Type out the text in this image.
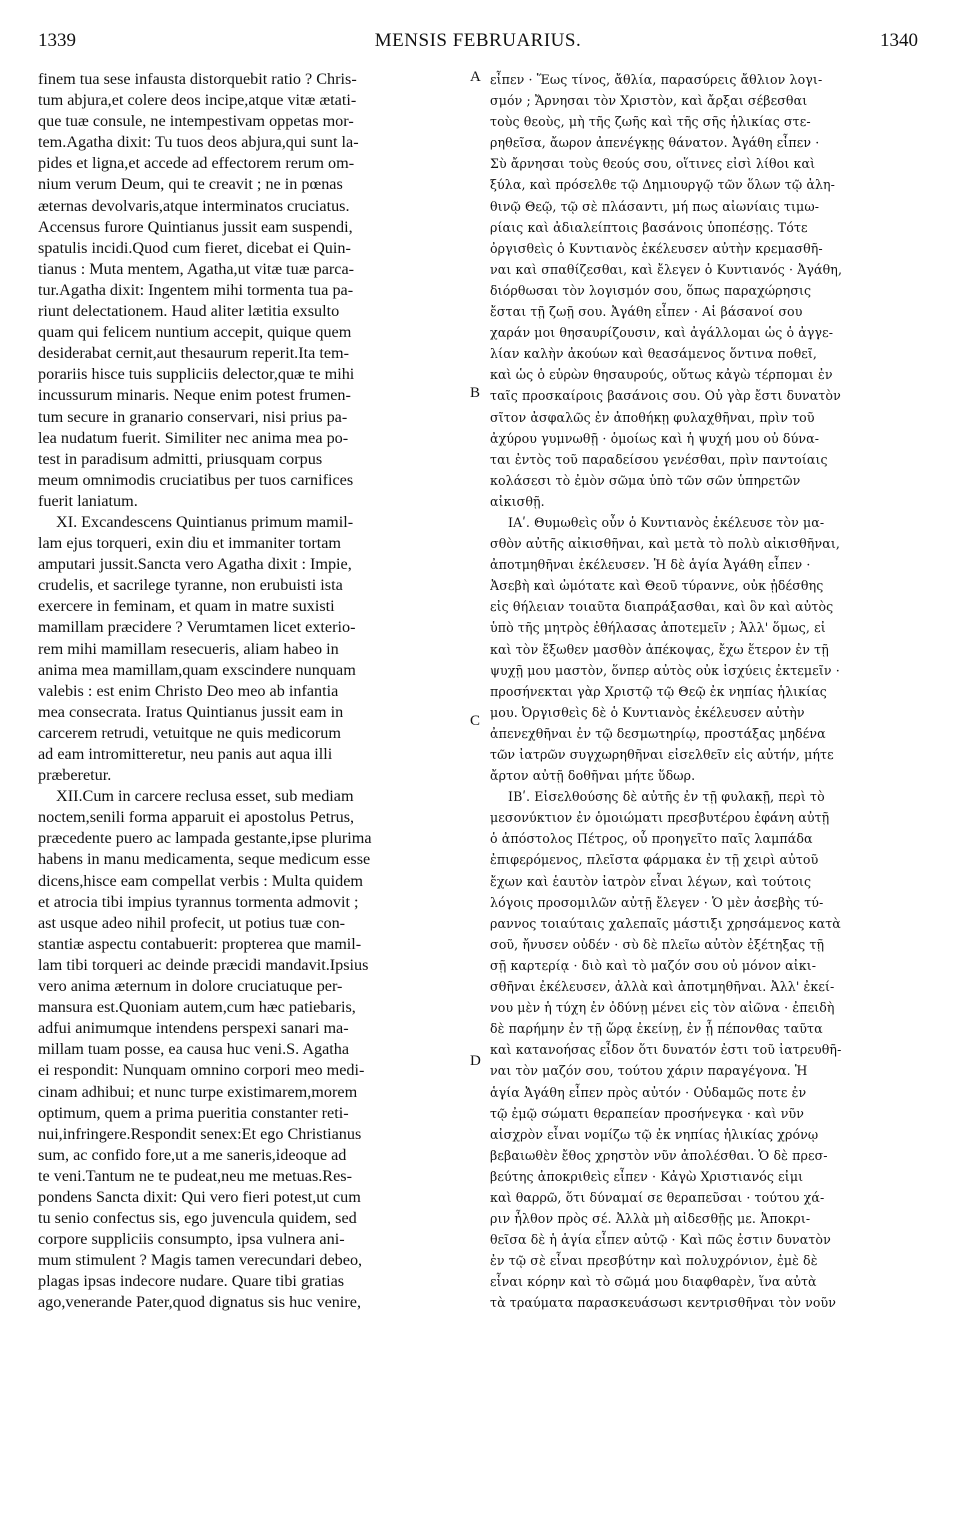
1339	MENSIS FEBRUARIUS.	1340
finem tua sese infausta distorquebit ratio ? Chris-
tum abjura,et colere deos incipe,atque vitæ ætati-
que tuæ consule, ne intempestivam oppetas mor-
tem.Agatha dixit: Tu tuos deos abjura,qui sunt la-
pides et ligna,et accede ad effectorem rerum om-
nium verum Deum, qui te creavit ; ne in pœnas
æternas devolvaris,atque interminatos cruciatus.
Accensus furore Quintianus jussit eam suspendi,
spatulis incidi.Quod cum fieret, dicebat ei Quin-
tianus : Muta mentem, Agatha,ut vitæ tuæ parca-
tur.Agatha dixit: Ingentem mihi tormenta tua pa-
riunt delectationem. Haud aliter lætitia exsulto
quam qui felicem nuntium accepit, quique quem
desiderabat cernit,aut thesaurum reperit.Ita tem-
porariis hisce tuis suppliciis delector,quæ te mihi
incussurum minaris. Neque enim potest frumen-
tum secure in granario conservari, nisi prius pa-
lea nudatum fuerit. Similiter nec anima mea po-
test in paradisum admitti, priusquam corpus
meum omnimodis cruciatibus per tuos carnifices
fuerit laniatum.
XI. Excandescens Quintianus primum mamil-
lam ejus torqueri, exin diu et immaniter tortam
amputari jussit.Sancta vero Agatha dixit : Impie,
crudelis, et sacrilege tyranne, non erubuisti ista
exercere in feminam, et quam in matre suxisti
mamillam præcidere ? Verumtamen licet exterio-
rem mihi mamillam resecueris, aliam habeo in
anima mea mamillam,quam exscindere nunquam
valebis : est enim Christo Deo meo ab infantia
mea consecrata. Iratus Quintianus jussit eam in
carcerem retrudi, vetuitque ne quis medicorum
ad eam intromitteretur, neu panis aut aqua illi
præberetur.
XII.Cum in carcere reclusa esset, sub mediam
noctem,senili forma apparuit ei apostolus Petrus,
præcedente puero ac lampada gestante,ipse plurima
habens in manu medicamenta, seque medicum esse
dicens,hisce eam compellat verbis : Multa quidem
et atrocia tibi impius tyrannus tormenta admovit ;
ast usque adeo nihil profecit, ut potius tuæ con-
stantiæ aspectu contabuerit: propterea que mamil-
lam tibi torqueri ac deinde præcidi mandavit.Ipsius
vero anima æternum in dolore cruciatuque per-
mansura est.Quoniam autem,cum hæc patiebaris,
adfui animumque intendens perspexi sanari ma-
millam tuam posse, ea causa huc veni.S. Agatha
ei respondit: Nunquam omnino corpori meo medi-
cinam adhibui; et nunc turpe existimarem,morem
optimum, quem a prima pueritia constanter reti-
nui,infringere.Respondit senex:Et ego Christianus
sum, ac confido fore,ut a me saneris,ideoque ad
te veni.Tantum ne te pudeat,neu me metuas.Res-
pondens Sancta dixit: Qui vero fieri potest,ut cum
tu senio confectus sis, ego juvencula quidem, sed
corpore suppliciis consumpto, ipsa vulnera ani-
mum stimulent ? Magis tamen verecundari debeo,
plagas ipsas indecore nudare. Quare tibi gratias
ago,venerande Pater,quod dignatus sis huc venire,
εἶπεν · Ἕως τίνος, ἄθλία, παρασύρεις ἄθλιον λογι-
σμόν ; Ἄρνησαι τὸν Χριστὸν, καὶ ἄρξαι σέβεσθαι
τοὺς θεοὺς, μὴ τῆς ζωῆς καὶ τῆς σῆς ἡλικίας στε-
ρηθεῖσα, ἄωρον ἀπενέγκῃς θάνατον. Ἀγάθη εἶπεν ·
Σὺ ἄρνησαι τοὺς θεούς σου, οἵτινες εἰσὶ λίθοι καὶ
ξύλα, καὶ πρόσελθε τῷ Δημιουργῷ τῶν ὅλων τῷ ἀλη-
θινῷ Θεῷ, τῷ σὲ πλάσαντι, μή πως αἰωνίαις τιμω-
ρίαις καὶ ἀδιαλείπτοις βασάνοις ὑποπέσῃς. Τότε
ὀργισθεὶς ὁ Κυντιανὸς ἐκέλευσεν αὐτὴν κρεμασθῆ-
ναι καὶ σπαθίζεσθαι, καὶ ἔλεγεν ὁ Κυντιανός · Ἀγάθη,
διόρθωσαι τὸν λογισμόν σου, ὅπως παραχώρησις
ἔσται τῇ ζωῇ σου. Ἀγάθη εἶπεν · Αἱ βάσανοί σου
χαράν μοι θησαυρίζουσιν, καὶ ἀγάλλομαι ὡς ὁ ἀγγε-
λίαν καλὴν ἀκούων καὶ θεασάμενος ὅντινα ποθεῖ,
καὶ ὡς ὁ εὑρὼν θησαυρούς, οὕτως κἀγὼ τέρπομαι ἐν
ταῖς προσκαίροις βασάνοις σου. Οὐ γὰρ ἔστι δυνατὸν
σῖτον ἀσφαλῶς ἐν ἀποθήκῃ φυλαχθῆναι, πρὶν τοῦ
ἀχύρου γυμνωθῇ · ὁμοίως καὶ ἡ ψυχή μου οὐ δύνα-
ται ἐντὸς τοῦ παραδείσου γενέσθαι, πρὶν παντοίαις
κολάσεσι τὸ ἐμὸν σῶμα ὑπὸ τῶν σῶν ὑπηρετῶν
αἰκισθῇ.
ΙΑʹ. Θυμωθεὶς οὖν ὁ Κυντιανὸς ἐκέλευσε τὸν μα-
σθὸν αὐτῆς αἰκισθῆναι, καὶ μετὰ τὸ πολὺ αἰκισθῆναι,
ἀποτμηθῆναι ἐκέλευσεν. Ἡ δὲ ἁγία Ἀγάθη εἶπεν ·
Ἀσεβὴ καὶ ὠμότατε καὶ Θεοῦ τύραννε, οὐκ ᾐδέσθης
εἰς θήλειαν τοιαῦτα διαπράξασθαι, καὶ ὃν καὶ αὐτὸς
ὑπὸ τῆς μητρὸς ἐθήλασας ἀποτεμεῖν ; Ἀλλ' ὅμως, εἰ
καὶ τὸν ἔξωθεν μασθὸν ἀπέκοψας, ἔχω ἕτερον ἐν τῇ
ψυχῇ μου μαστὸν, ὅνπερ αὐτὸς οὐκ ἰσχύεις ἐκτεμεῖν ·
προσήνεκται γὰρ Χριστῷ τῷ Θεῷ ἐκ νηπίας ἡλικίας
μου. Ὀργισθεὶς δὲ ὁ Κυντιανὸς ἐκέλευσεν αὐτὴν
ἀπενεχθῆναι ἐν τῷ δεσμωτηρίῳ, προστάξας μηδένα
τῶν ἰατρῶν συγχωρηθῆναι εἰσελθεῖν εἰς αὐτήν, μήτε
ἄρτον αὐτῇ δοθῆναι μήτε ὕδωρ.
ΙΒʹ. Εἰσελθούσης δὲ αὐτῆς ἐν τῇ φυλακῇ, περὶ τὸ
μεσονύκτιον ἐν ὁμοιώματι πρεσβυτέρου ἐφάνη αὐτῇ
ὁ ἀπόστολος Πέτρος, οὗ προηγεῖτο παῖς λαμπάδα
ἐπιφερόμενος, πλεῖστα φάρμακα ἐν τῇ χειρὶ αὐτοῦ
ἔχων καὶ ἑαυτὸν ἰατρὸν εἶναι λέγων, καὶ τούτοις
λόγοις προσομιλῶν αὐτῇ ἔλεγεν · Ὁ μὲν ἀσεβὴς τύ-
ραννος τοιαύταις χαλεπαῖς μάστιξι χρησάμενος κατὰ
σοῦ, ἤνυσεν οὐδέν · σὺ δὲ πλεῖω αὐτὸν ἐξέτηξας τῇ
σῇ καρτερίᾳ · διὸ καὶ τὸ μαζόν σου οὐ μόνον αἰκι-
σθῆναι ἐκέλευσεν, ἀλλὰ καὶ ἀποτμηθῆναι. Ἀλλ' ἐκεί-
νου μὲν ἡ τύχη ἐν ὀδύνῃ μένει εἰς τὸν αἰῶνα · ἐπειδὴ
δὲ παρήμην ἐν τῇ ὥρᾳ ἐκείνῃ, ἐν ᾗ πέπονθας ταῦτα
καὶ κατανοήσας εἶδον ὅτι δυνατόν ἐστι τοῦ ἰατρευθῆ-
ναι τὸν μαζόν σου, τούτου χάριν παραγέγονα. Ἡ
ἁγία Ἀγάθη εἶπεν πρὸς αὐτόν · Οὐδαμῶς ποτε ἐν
τῷ ἐμῷ σώματι θεραπείαν προσήνεγκα · καὶ νῦν
αἰσχρὸν εἶναι νομίζω τῷ ἐκ νηπίας ἡλικίας χρόνῳ
βεβαιωθὲν ἔθος χρηστὸν νῦν ἀπολέσθαι. Ὁ δὲ πρεσ-
βεύτης ἀποκριθεὶς εἶπεν · Κἀγὼ Χριστιανός εἰμι
καὶ θαρρῶ, ὅτι δύναμαί σε θεραπεῦσαι · τούτου χά-
ριν ἦλθον πρὸς σέ. Ἀλλὰ μὴ αἰδεσθῇς με. Ἀποκρι-
θεῖσα δὲ ἡ ἁγία εἶπεν αὐτῷ · Καὶ πῶς ἐστιν δυνατὸν
ἐν τῷ σὲ εἶναι πρεσβύτην καὶ πολυχρόνιον, ἐμὲ δὲ
εἶναι κόρην καὶ τὸ σῶμά μου διαφθαρὲν, ἵνα αὐτὰ
τὰ τραύματα παρασκευάσωσι κεντρισθῆναι τὸν νοῦν
A
B
C
D
